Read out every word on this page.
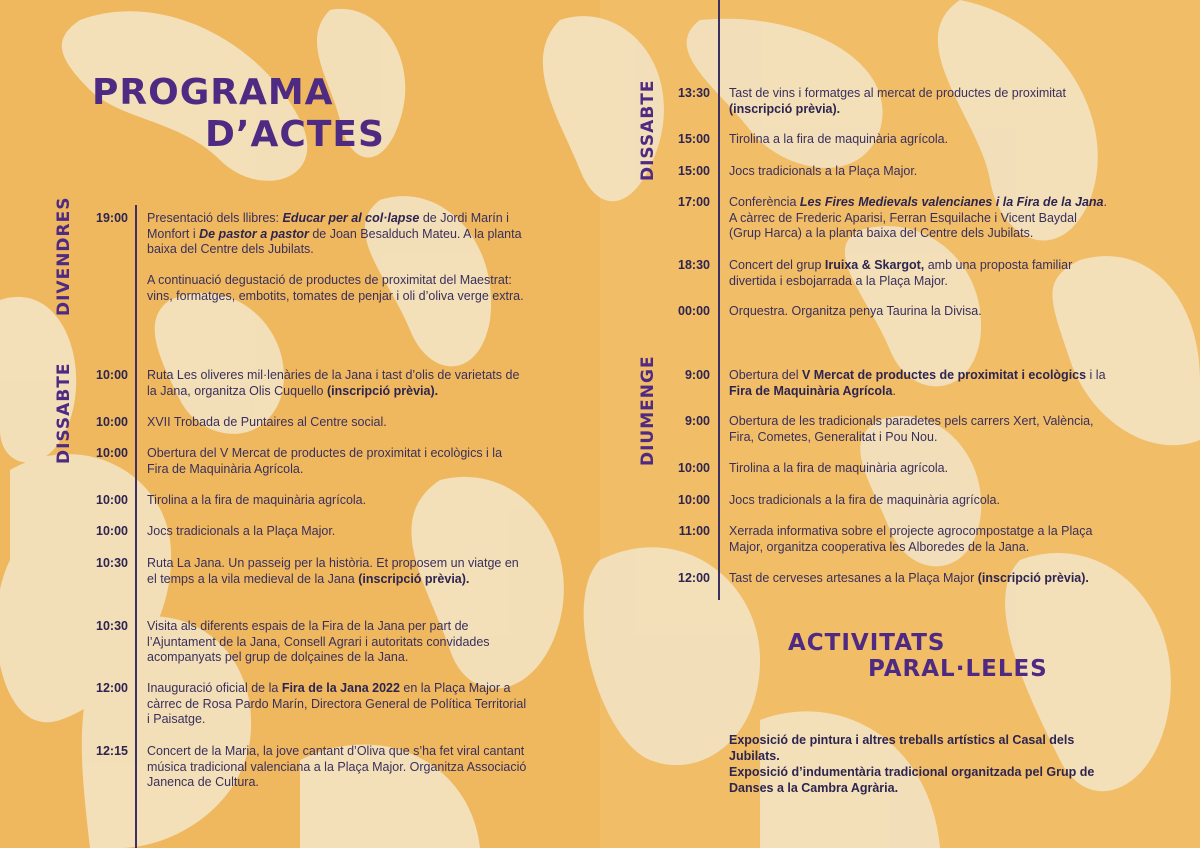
PROGRAMA
D’ACTES
DIVENDRES
DISSABTE
DISSABTE
DIUMENGE
19:00 Presentació dels llibres: Educar per al col·lapse de Jordi Marín i Monfort i De pastor a pastor de Joan Besalduch Mateu. A la planta baixa del Centre dels Jubilats.
A continuació degustació de productes de proximitat del Maestrat: vins, formatges, embotits, tomates de penjar i oli d’oliva verge extra.
10:00 Ruta Les oliveres mil·lenàries de la Jana i tast d’olis de varietats de la Jana, organitza Olis Cuquello (inscripció prèvia).
10:00 XVII Trobada de Puntaires al Centre social.
10:00 Obertura del V Mercat de productes de proximitat i ecològics i la Fira de Maquinària Agrícola.
10:00 Tirolina a la fira de maquinària agrícola.
10:00 Jocs tradicionals a la Plaça Major.
10:30 Ruta La Jana. Un passeig per la història. Et proposem un viatge en el temps a la vila medieval de la Jana (inscripció prèvia).
10:30 Visita als diferents espais de la Fira de la Jana per part de l’Ajuntament de la Jana, Consell Agrari i autoritats convidades acompanyats pel grup de dolçaines de la Jana.
12:00 Inauguració oficial de la Fira de la Jana 2022 en la Plaça Major a càrrec de Rosa Pardo Marín, Directora General de Política Territorial i Paisatge.
12:15 Concert de la Maria, la jove cantant d’Oliva que s’ha fet viral cantant música tradicional valenciana a la Plaça Major. Organitza Associació Janenca de Cultura.
13:30 Tast de vins i formatges al mercat de productes de proximitat (inscripció prèvia).
15:00 Tirolina a la fira de maquinària agrícola.
15:00 Jocs tradicionals a la Plaça Major.
17:00 Conferència Les Fires Medievals valencianes i la Fira de la Jana. A càrrec de Frederic Aparisi, Ferran Esquilache i Vicent Baydal (Grup Harca) a la planta baixa del Centre dels Jubilats.
18:30 Concert del grup Iruixa & Skargot, amb una proposta familiar divertida i esbojarrada a la Plaça Major.
00:00 Orquestra. Organitza penya Taurina la Divisa.
9:00 Obertura del V Mercat de productes de proximitat i ecològics i la Fira de Maquinària Agrícola.
9:00 Obertura de les tradicionals paradetes pels carrers Xert, València, Fira, Cometes, Generalitat i Pou Nou.
10:00 Tirolina a la fira de maquinària agrícola.
10:00 Jocs tradicionals a la fira de maquinària agrícola.
11:00 Xerrada informativa sobre el projecte agrocompostatge a la Plaça Major, organitza cooperativa les Alboredes de la Jana.
12:00 Tast de cerveses artesanes a la Plaça Major (inscripció prèvia).
ACTIVITATS
PARAL·LELES
Exposició de pintura i altres treballs artístics al Casal dels Jubilats.
Exposició d’indumentària tradicional organitzada pel Grup de Danses a la Cambra Agrària.
